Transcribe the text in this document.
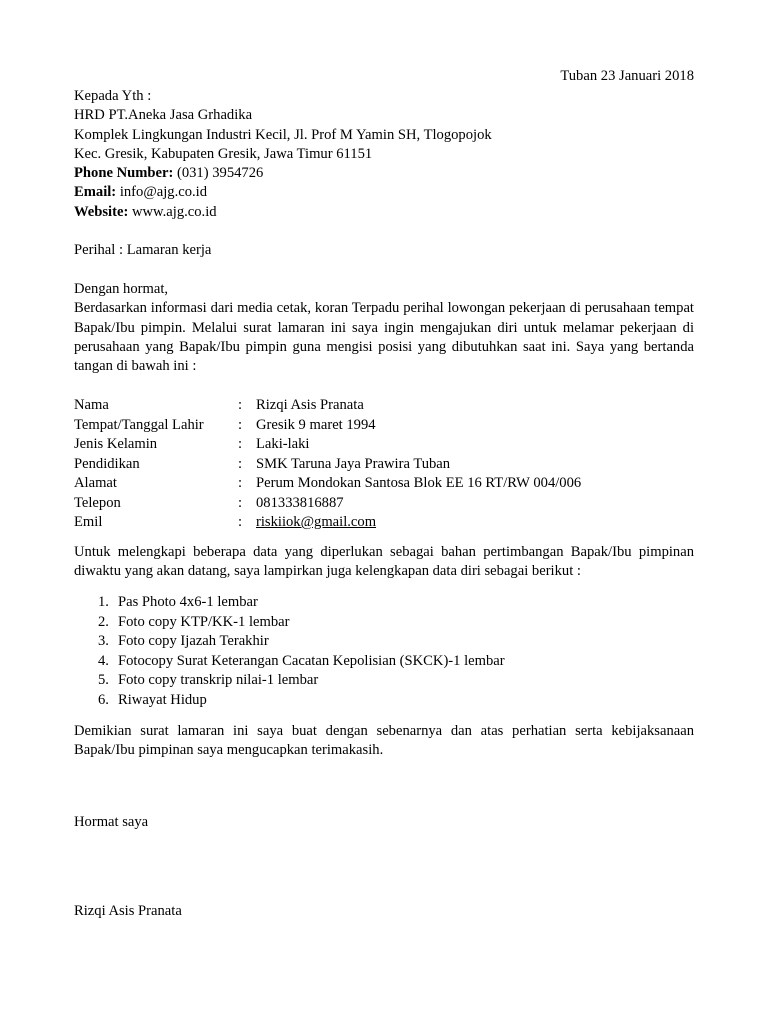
Tuban 23 Januari 2018

Kepada Yth :

HRD PT.Aneka Jasa Grhadika

Komplek Lingkungan Industri Kecil, Jl. Prof M Yamin SH, Tlogopojok

Kec. Gresik, Kabupaten Gresik, Jawa Timur 61151

Phone Number: (031) 3954726

Email: info@ajg.co.id

Website: www.ajg.co.id

Perihal : Lamaran kerja

Dengan hormat,

Berdasarkan informasi dari media cetak, koran Terpadu perihal lowongan pekerjaan di perusahaan tempat Bapak/Ibu pimpin. Melalui surat lamaran ini saya ingin mengajukan diri untuk melamar pekerjaan di perusahaan yang Bapak/Ibu pimpin guna mengisi posisi yang dibutuhkan saat ini. Saya yang bertanda tangan di bawah ini :

Nama	: Rizqi Asis Pranata
Tempat/Tanggal Lahir	: Gresik 9 maret 1994
Jenis Kelamin	: Laki-laki
Pendidikan	: SMK Taruna Jaya Prawira Tuban
Alamat	: Perum Mondokan Santosa Blok EE 16 RT/RW 004/006
Telepon	: 081333816887
Emil	: riskiiok@gmail.com
Untuk melengkapi beberapa data yang diperlukan sebagai bahan pertimbangan Bapak/Ibu pimpinan diwaktu yang akan datang, saya lampirkan juga kelengkapan data diri sebagai berikut :
1. Pas Photo 4x6-1 lembar
2. Foto copy KTP/KK-1 lembar
3. Foto copy Ijazah Terakhir
4. Fotocopy Surat Keterangan Cacatan Kepolisian (SKCK)-1 lembar
5. Foto copy transkrip nilai-1 lembar
6. Riwayat Hidup
Demikian surat lamaran ini saya buat dengan sebenarnya dan atas perhatian serta kebijaksanaan Bapak/Ibu pimpinan saya mengucapkan terimakasih.
Hormat saya
Rizqi Asis Pranata
